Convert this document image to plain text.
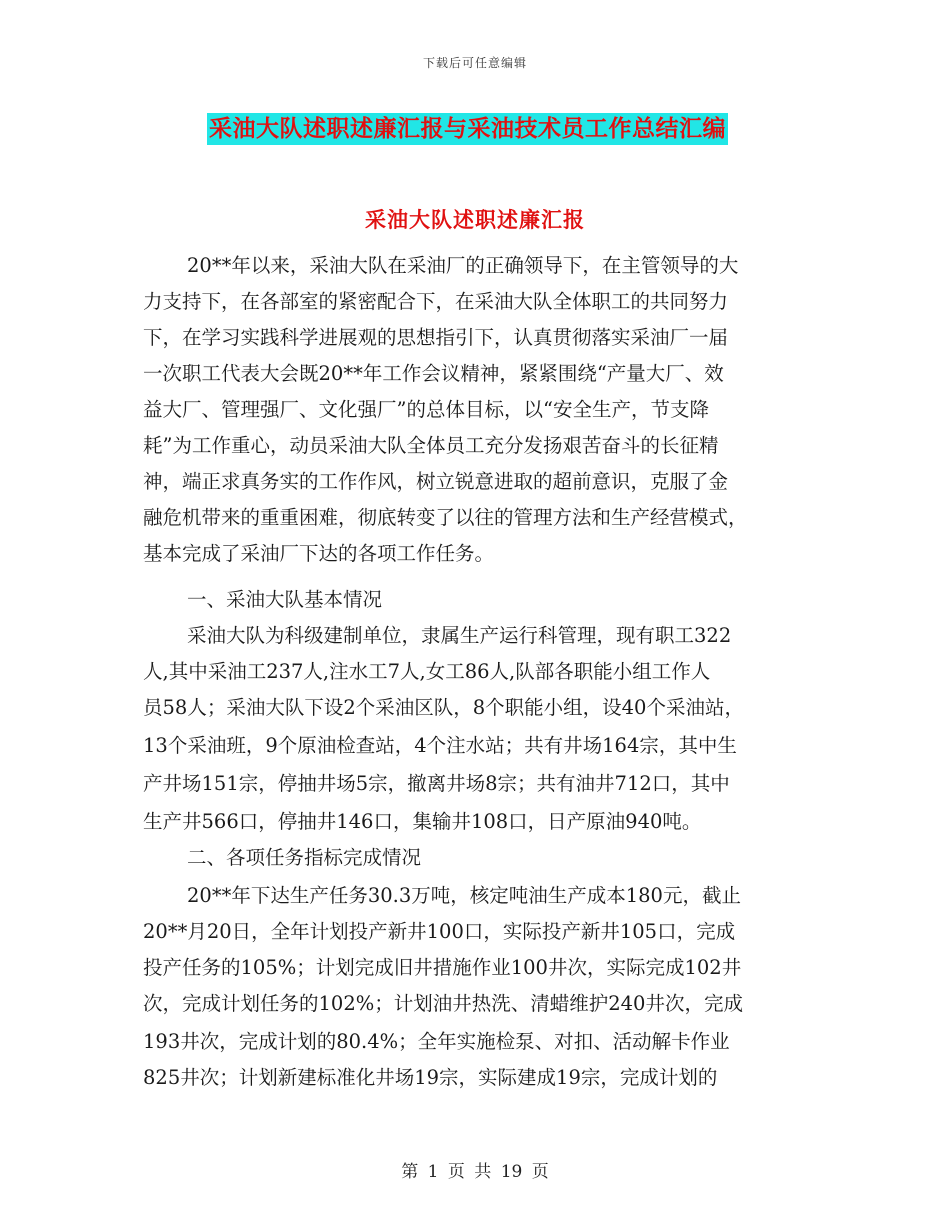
下载后可任意编辑
采油大队述职述廉汇报与采油技术员工作总结汇编
采油大队述职述廉汇报
20**年以来，采油大队在采油厂的正确领导下，在主管领导的大
力支持下，在各部室的紧密配合下，在采油大队全体职工的共同努力
下，在学习实践科学进展观的思想指引下，认真贯彻落实采油厂一届
一次职工代表大会既20**年工作会议精神，紧紧围绕“产量大厂、效
益大厂、管理强厂、文化强厂”的总体目标，以“安全生产，节支降
耗”为工作重心，动员采油大队全体员工充分发扬艰苦奋斗的长征精
神，端正求真务实的工作作风，树立锐意进取的超前意识，克服了金
融危机带来的重重困难，彻底转变了以往的管理方法和生产经营模式，
基本完成了采油厂下达的各项工作任务。
一、采油大队基本情况
采油大队为科级建制单位，隶属生产运行科管理，现有职工322
人,其中采油工237人,注水工7人,女工86人,队部各职能小组工作人
员58人；采油大队下设2个采油区队，8个职能小组，设40个采油站，
13个采油班，9个原油检查站，4个注水站；共有井场164宗，其中生
产井场151宗，停抽井场5宗，撤离井场8宗；共有油井712口，其中
生产井566口，停抽井146口，集输井108口，日产原油940吨。
二、各项任务指标完成情况
20**年下达生产任务30.3万吨，核定吨油生产成本180元，截止
20**月20日，全年计划投产新井100口，实际投产新井105口，完成
投产任务的105%；计划完成旧井措施作业100井次，实际完成102井
次，完成计划任务的102%；计划油井热洗、清蜡维护240井次，完成
193井次，完成计划的80.4%；全年实施检泵、对扣、活动解卡作业
825井次；计划新建标准化井场19宗，实际建成19宗，完成计划的
第 1 页 共 19 页
